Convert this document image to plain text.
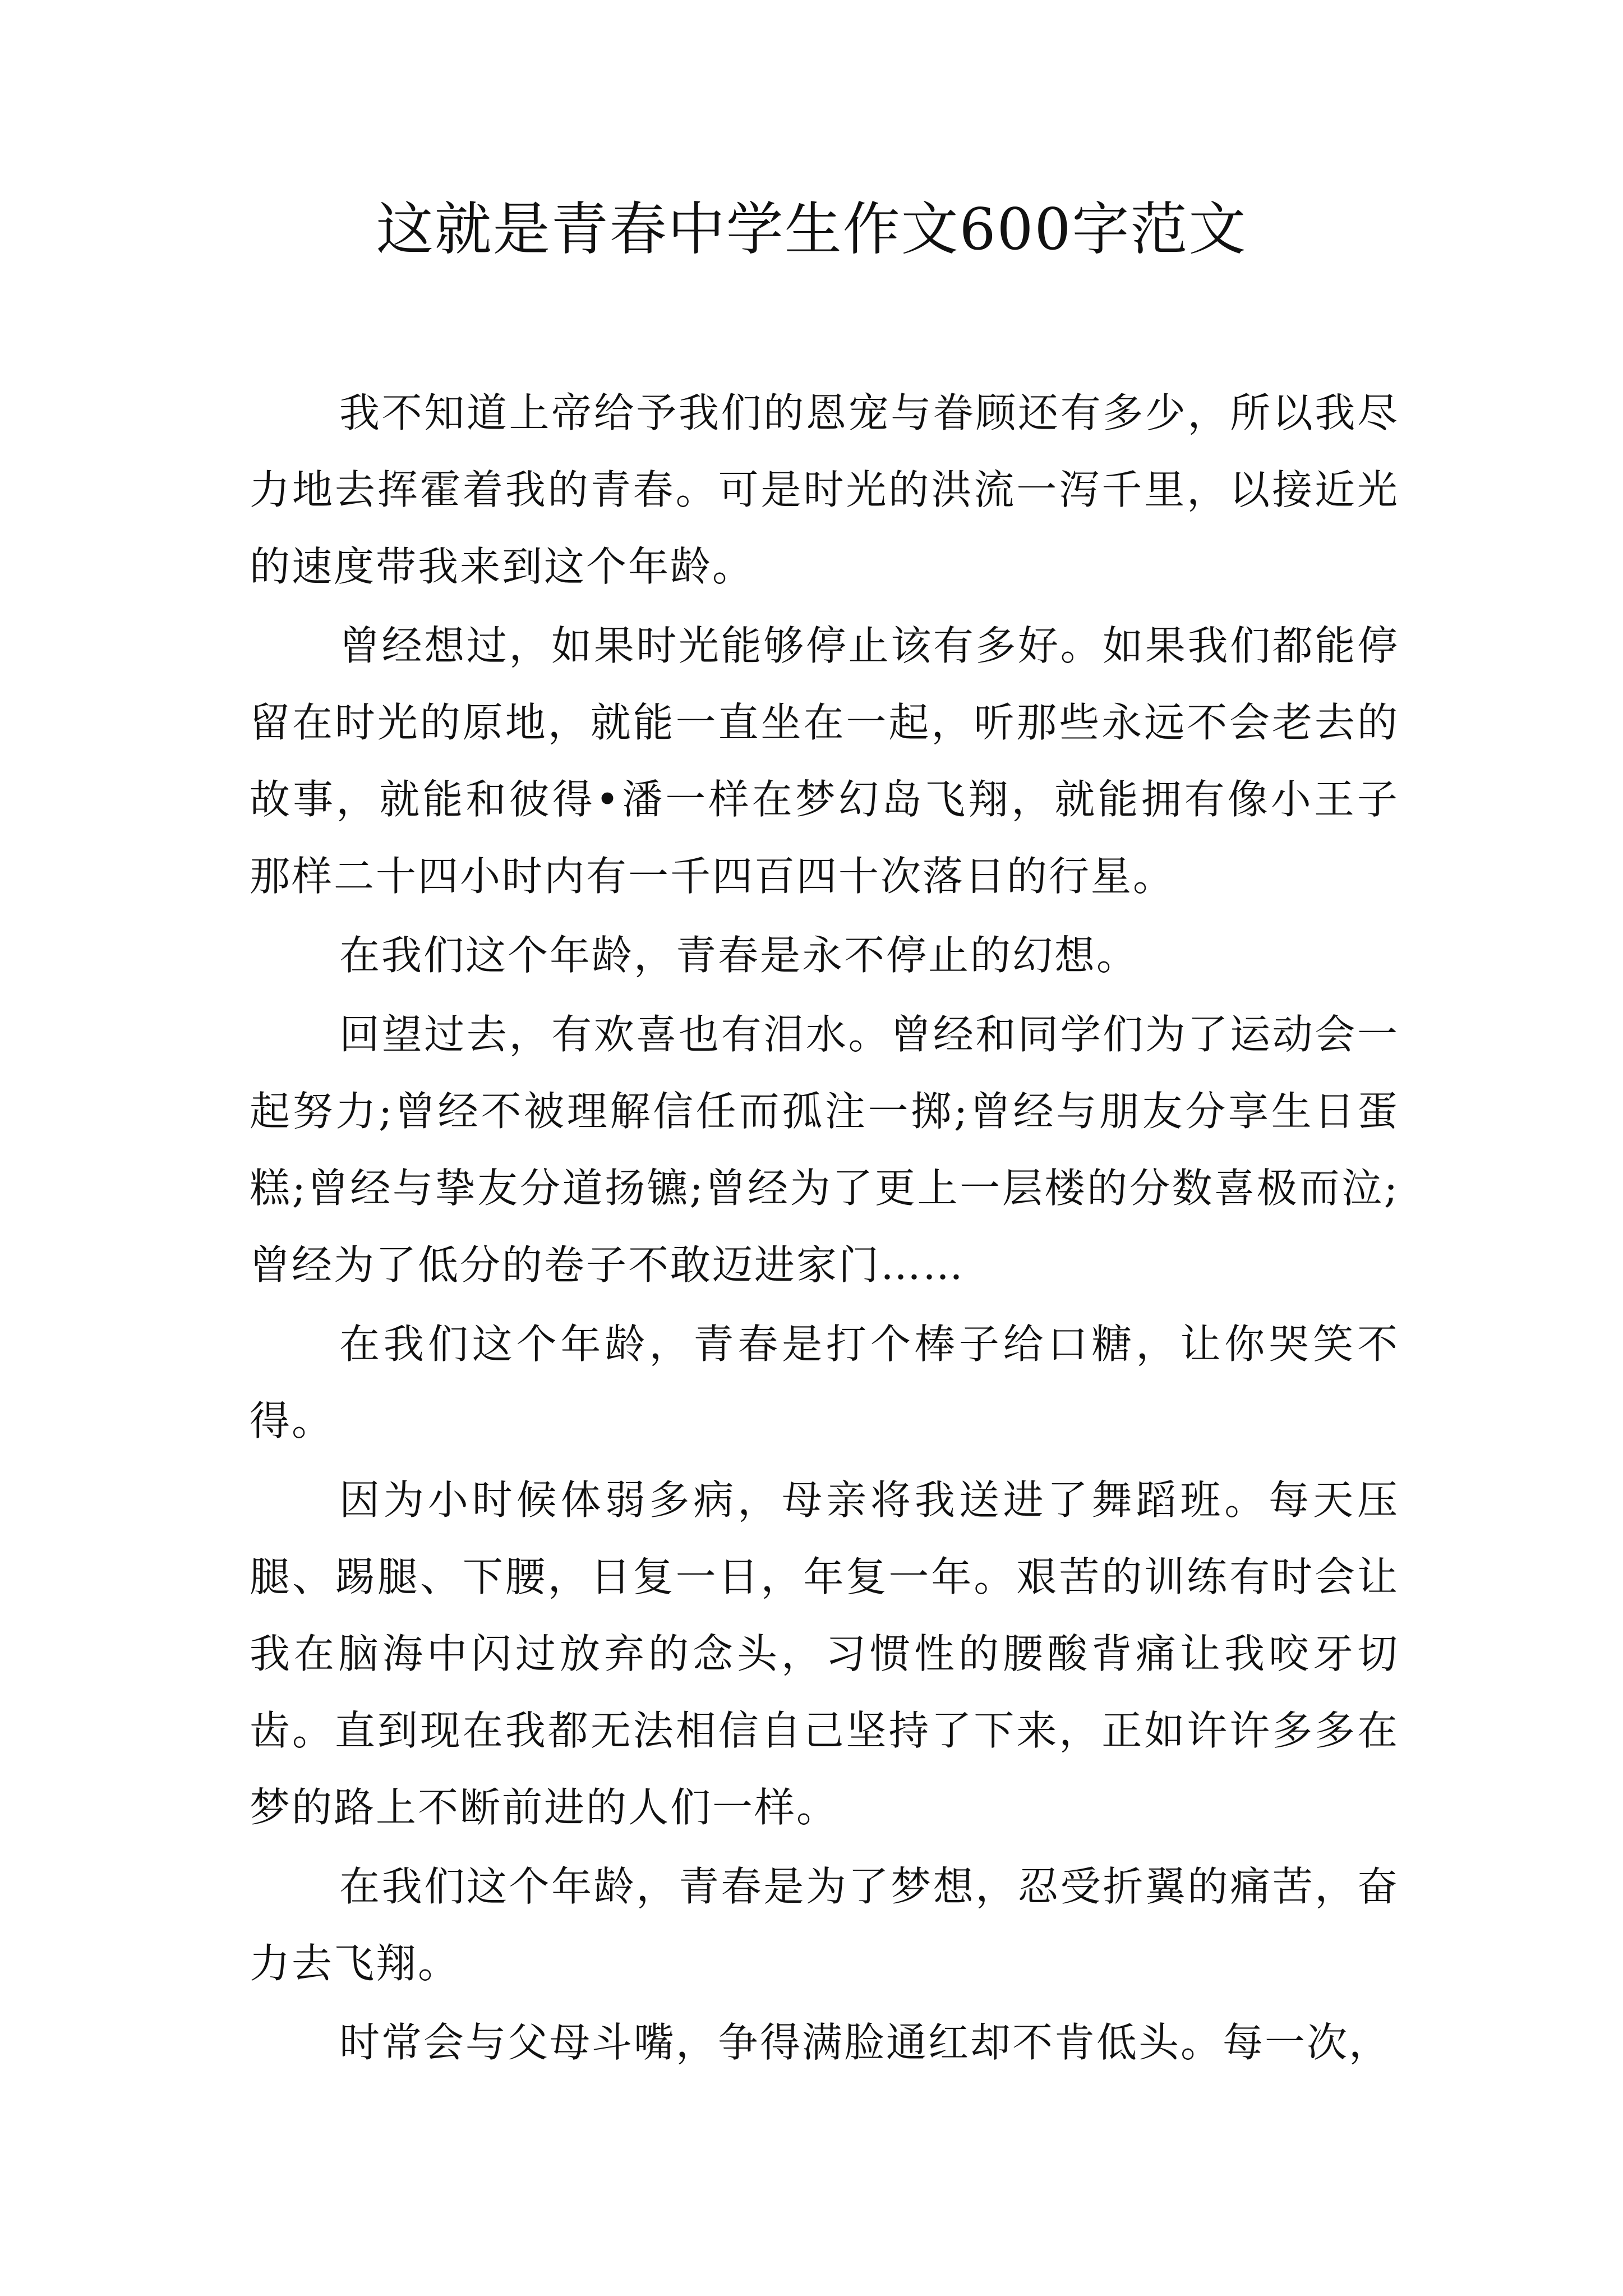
这就是青春中学生作文600字范文

我不知道上帝给予我们的恩宠与眷顾还有多少，所以我尽力地去挥霍着我的青春。可是时光的洪流一泻千里，以接近光的速度带我来到这个年龄。

曾经想过，如果时光能够停止该有多好。如果我们都能停留在时光的原地，就能一直坐在一起，听那些永远不会老去的故事，就能和彼得•潘一样在梦幻岛飞翔，就能拥有像小王子那样二十四小时内有一千四百四十次落日的行星。

在我们这个年龄，青春是永不停止的幻想。

回望过去，有欢喜也有泪水。曾经和同学们为了运动会一起努力;曾经不被理解信任而孤注一掷;曾经与朋友分享生日蛋糕;曾经与挚友分道扬镳;曾经为了更上一层楼的分数喜极而泣;曾经为了低分的卷子不敢迈进家门……

在我们这个年龄，青春是打个棒子给口糖，让你哭笑不得。

因为小时候体弱多病，母亲将我送进了舞蹈班。每天压腿、踢腿、下腰，日复一日，年复一年。艰苦的训练有时会让我在脑海中闪过放弃的念头，习惯性的腰酸背痛让我咬牙切齿。直到现在我都无法相信自己坚持了下来，正如许许多多在梦的路上不断前进的人们一样。

在我们这个年龄，青春是为了梦想，忍受折翼的痛苦，奋力去飞翔。

时常会与父母斗嘴，争得满脸通红却不肯低头。每一次，
